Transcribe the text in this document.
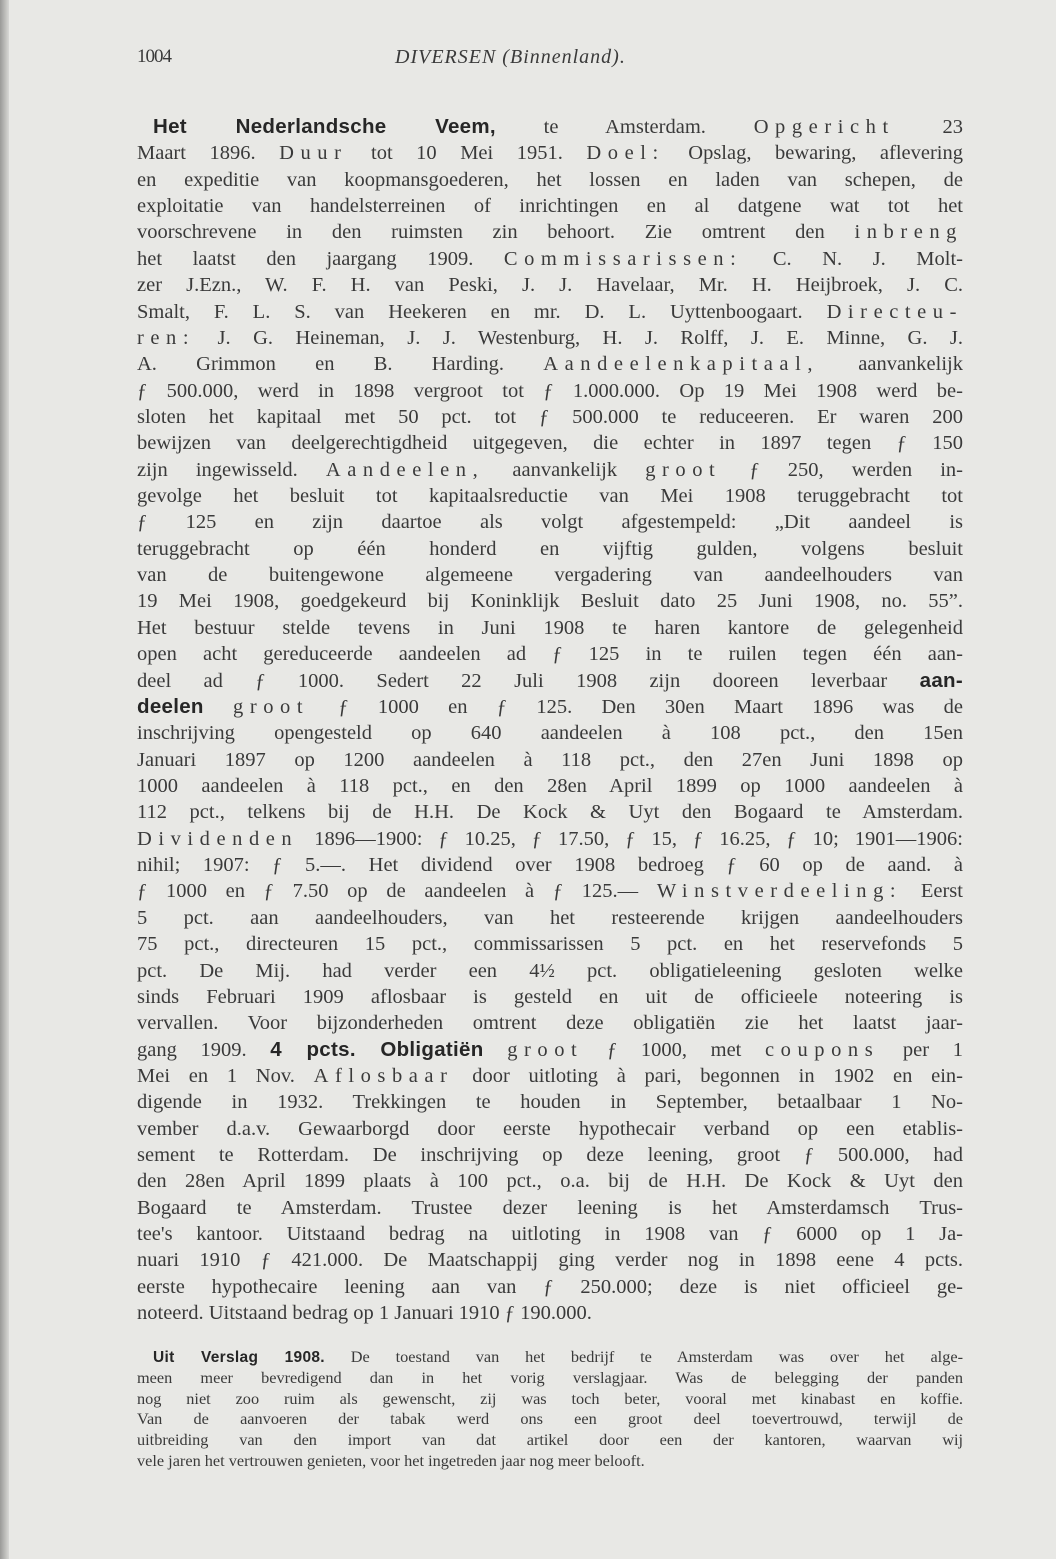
1004	DIVERSEN (Binnenland).
Het Nederlandsche Veem, te Amsterdam. Opgericht 23
Maart 1896. Duur tot 10 Mei 1951. Doel: Opslag, bewaring, aflevering
en expeditie van koopmansgoederen, het lossen en laden van schepen, de
exploitatie van handelsterreinen of inrichtingen en al datgene wat tot het
voorschrevene in den ruimsten zin behoort. Zie omtrent den inbreng
het laatst den jaargang 1909. Commissarissen: C. N. J. Molt-
zer J.Ezn., W. F. H. van Peski, J. J. Havelaar, Mr. H. Heijbroek, J. C.
Smalt, F. L. S. van Heekeren en mr. D. L. Uyttenboogaart. Directeu-
ren: J. G. Heineman, J. J. Westenburg, H. J. Rolff, J. E. Minne, G. J.
A. Grimmon en B. Harding. Aandeelenkapitaal, aanvankelijk
ƒ 500.000, werd in 1898 vergroot tot ƒ 1.000.000. Op 19 Mei 1908 werd be-
sloten het kapitaal met 50 pct. tot ƒ 500.000 te reduceeren. Er waren 200
bewijzen van deelgerechtigdheid uitgegeven, die echter in 1897 tegen ƒ 150
zijn ingewisseld. Aandeelen, aanvankelijk groot ƒ 250, werden in-
gevolge het besluit tot kapitaalsreductie van Mei 1908 teruggebracht tot
ƒ 125 en zijn daartoe als volgt afgestempeld: „Dit aandeel is
teruggebracht op één honderd en vijftig gulden, volgens besluit
van de buitengewone algemeene vergadering van aandeelhouders van
19 Mei 1908, goedgekeurd bij Koninklijk Besluit dato 25 Juni 1908, no. 55”.
Het bestuur stelde tevens in Juni 1908 te haren kantore de gelegenheid
open acht gereduceerde aandeelen ad ƒ 125 in te ruilen tegen één aan-
deel ad ƒ 1000. Sedert 22 Juli 1908 zijn dooreen leverbaar aan-
deelen groot ƒ 1000 en ƒ 125. Den 30en Maart 1896 was de
inschrijving opengesteld op 640 aandeelen à 108 pct., den 15en
Januari 1897 op 1200 aandeelen à 118 pct., den 27en Juni 1898 op
1000 aandeelen à 118 pct., en den 28en April 1899 op 1000 aandeelen à
112 pct., telkens bij de H.H. De Kock & Uyt den Bogaard te Amsterdam.
Dividenden 1896—1900: ƒ 10.25, ƒ 17.50, ƒ 15, ƒ 16.25, ƒ 10; 1901—1906:
nihil; 1907: ƒ 5.—. Het dividend over 1908 bedroeg ƒ 60 op de aand. à
ƒ 1000 en ƒ 7.50 op de aandeelen à ƒ 125.— Winstverdeeling: Eerst
5 pct. aan aandeelhouders, van het resteerende krijgen aandeelhouders
75 pct., directeuren 15 pct., commissarissen 5 pct. en het reservefonds 5
pct. De Mij. had verder een 4½ pct. obligatieleening gesloten welke
sinds Februari 1909 aflosbaar is gesteld en uit de officieele noteering is
vervallen. Voor bijzonderheden omtrent deze obligatiën zie het laatst jaar-
gang 1909. 4 pcts. Obligatiën groot ƒ 1000, met coupons per 1
Mei en 1 Nov. Aflosbaar door uitloting à pari, begonnen in 1902 en ein-
digende in 1932. Trekkingen te houden in September, betaalbaar 1 No-
vember d.a.v. Gewaarborgd door eerste hypothecair verband op een etablis-
sement te Rotterdam. De inschrijving op deze leening, groot ƒ 500.000, had
den 28en April 1899 plaats à 100 pct., o.a. bij de H.H. De Kock & Uyt den
Bogaard te Amsterdam. Trustee dezer leening is het Amsterdamsch Trus-
tee's kantoor. Uitstaand bedrag na uitloting in 1908 van ƒ 6000 op 1 Ja-
nuari 1910 ƒ 421.000. De Maatschappij ging verder nog in 1898 eene 4 pcts.
eerste hypothecaire leening aan van ƒ 250.000; deze is niet officieel ge-
noteerd. Uitstaand bedrag op 1 Januari 1910 ƒ 190.000.
Uit Verslag 1908. De toestand van het bedrijf te Amsterdam was over het alge-
meen meer bevredigend dan in het vorig verslagjaar. Was de belegging der panden
nog niet zoo ruim als gewenscht, zij was toch beter, vooral met kinabast en koffie.
Van de aanvoeren der tabak werd ons een groot deel toevertrouwd, terwijl de
uitbreiding van den import van dat artikel door een der kantoren, waarvan wij
vele jaren het vertrouwen genieten, voor het ingetreden jaar nog meer belooft.
